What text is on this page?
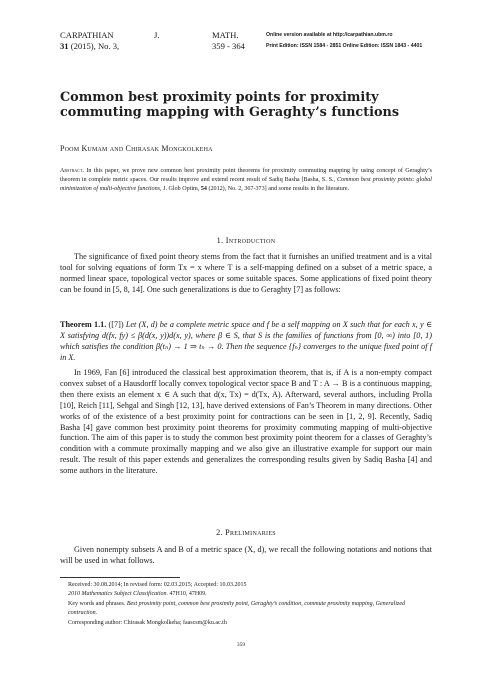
CARPATHIAN	J.	MATH.	Online version available at http://carpathian.ubm.ro
31 (2015), No. 3,	359 - 364	Print Edition: ISSN 1584 - 2851 Online Edition: ISSN 1843 - 4401
Common best proximity points for proximity commuting mapping with Geraghty’s functions
Poom Kumam and Chirasak Mongkolkeha
Abstract. In this paper, we prove new common best proximity point theorems for proximity commuting mapping by using concept of Geraghty’s theorem in complete metric spaces. Our results improve and extend recent result of Sadiq Basha [Basha, S. S., Common best proximity points: global minimization of multi-objective functions, J. Glob Optim, 54 (2012), No. 2, 367-373] and some results in the literature.
1. Introduction
The significance of fixed point theory stems from the fact that it furnishes an unified treatment and is a vital tool for solving equations of form Tx = x where T is a self-mapping defined on a subset of a metric space, a normed linear space, topological vector spaces or some suitable spaces. Some applications of fixed point theory can be found in [5, 8, 14]. One such generalizations is due to Geraghty [7] as follows:
Theorem 1.1. ([7]) Let (X, d) be a complete metric space and f be a self mapping on X such that for each x, y ∈ X satisfying d(fx, fy) ≤ β(d(x, y))d(x, y), where β ∈ S, that S is the families of functions from [0, ∞) into [0, 1) which satisfies the condition β(tₙ) → 1 ⇒ tₙ → 0. Then the sequence {fₙ} converges to the unique fixed point of f in X.
In 1969, Fan [6] introduced the classical best approximation theorem, that is, if A is a non-empty compact convex subset of a Hausdorff locally convex topological vector space B and T : A → B is a continuous mapping, then there exists an element x ∈ A such that d(x, Tx) = d(Tx, A). Afterward, several authors, including Prolla [10], Reich [11], Sehgal and Singh [12, 13], have derived extensions of Fan’s Theorem in many directions. Other works of of the existence of a best proximity point for contractions can be seen in [1, 2, 9]. Recently, Sadiq Basha [4] gave common best proximity point theorems for proximity commuting mapping of multi-objective function. The aim of this paper is to study the common best proximity point theorem for a classes of Geraghty’s condition with a commute proximally mapping and we also give an illustrative example for support our main result. The result of this paper extends and generalizes the corresponding results given by Sadiq Basha [4] and some authors in the literature.
2. Preliminaries
Given nonempty subsets A and B of a metric space (X, d), we recall the following notations and notions that will be used in what follows.
Received: 30.08.2014; In revised form: 02.03.2015; Accepted: 10.03.2015
2010 Mathematics Subject Classification. 47H10, 47H09.
Key words and phrases. Best proximity point, common best proximity point, Geraghty’s condition, commute proximity mapping, Generalized contraction.
Corresponding author: Chirasak Mongkolkeha; faascsm@ku.ac.th
359
